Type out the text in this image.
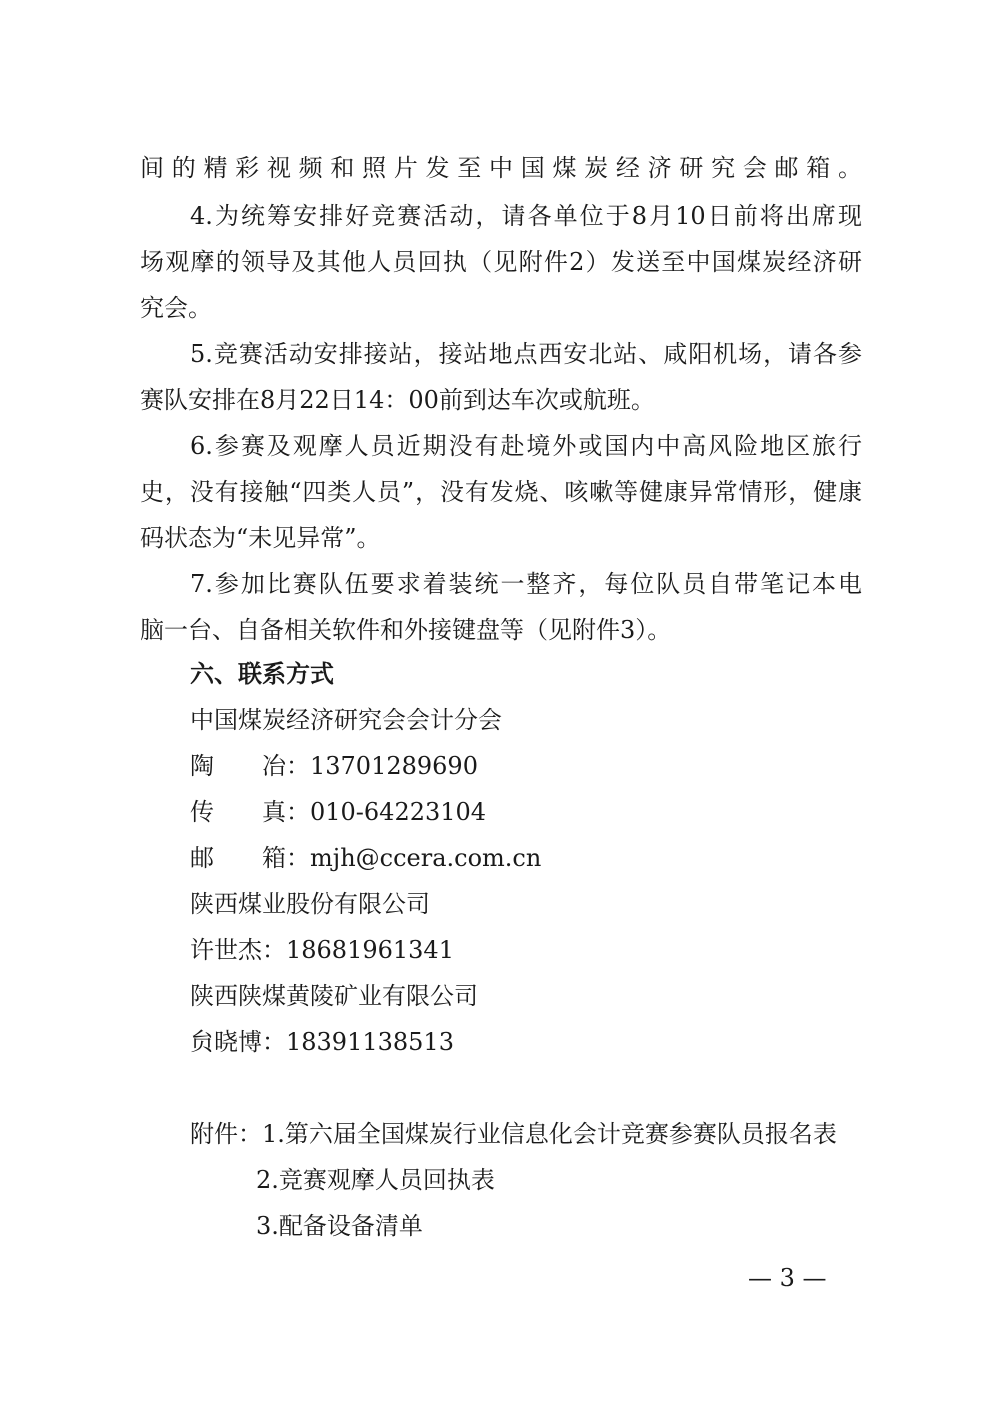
间的精彩视频和照片发至中国煤炭经济研究会邮箱。
4.为统筹安排好竞赛活动，请各单位于8月10日前将出席现
场观摩的领导及其他人员回执（见附件2）发送至中国煤炭经济研
究会。
5.竞赛活动安排接站，接站地点西安北站、咸阳机场，请各参
赛队安排在8月22日14：00前到达车次或航班。
6.参赛及观摩人员近期没有赴境外或国内中高风险地区旅行
史，没有接触“四类人员”，没有发烧、咳嗽等健康异常情形，健康
码状态为“未见异常”。
7.参加比赛队伍要求着装统一整齐，每位队员自带笔记本电
脑一台、自备相关软件和外接键盘等（见附件3）。
六、联系方式
中国煤炭经济研究会会计分会
陶　　冶：13701289690
传　　真：010-64223104
邮　　箱：mjh@ccera.com.cn
陕西煤业股份有限公司
许世杰：18681961341
陕西陕煤黄陵矿业有限公司
贠晓博：18391138513
附件：1.第六届全国煤炭行业信息化会计竞赛参赛队员报名表
2.竞赛观摩人员回执表
3.配备设备清单
— 3 —
